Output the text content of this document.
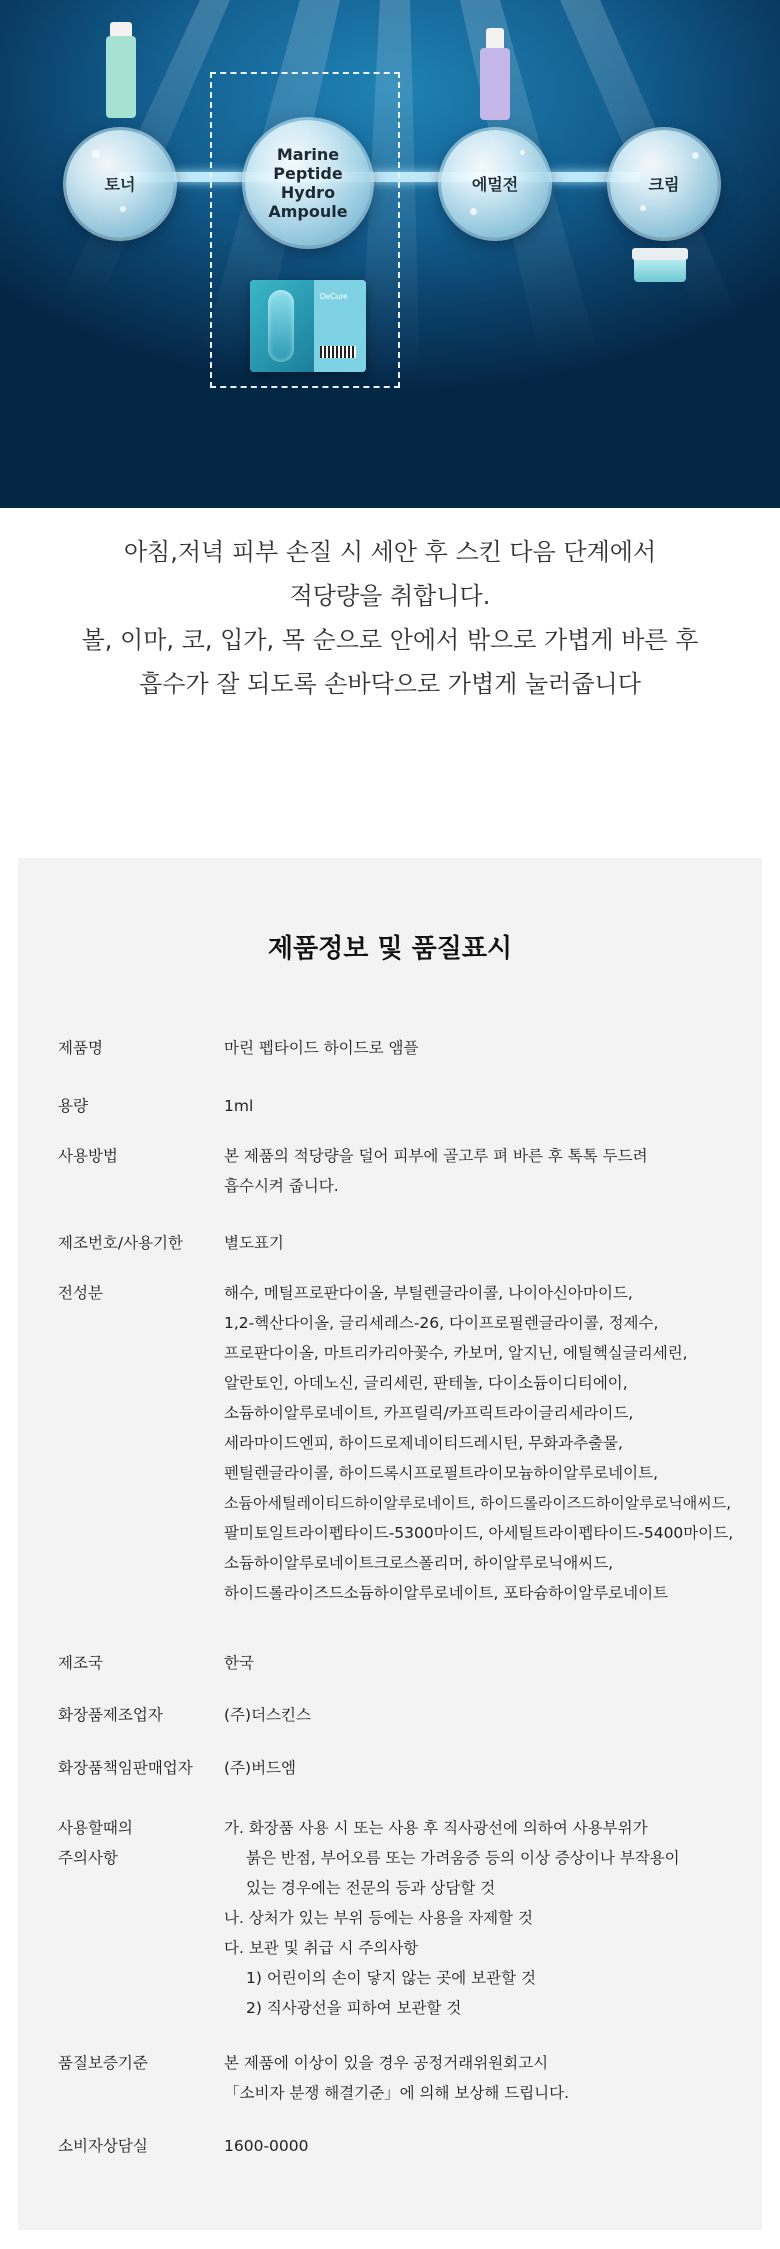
토너
Marine
Peptide
Hydro
Ampoule
에멀전	크림
DeCure

아침,저녁 피부 손질 시 세안 후 스킨 다음 단계에서

적당량을 취합니다.

볼, 이마, 코, 입가, 목 순으로 안에서 밖으로 가볍게 바른 후

흡수가 잘 되도록 손바닥으로 가볍게 눌러줍니다

제품정보 및 품질표시
제품명	마린 펩타이드 하이드로 앰플
용량	1ml
사용방법	본 제품의 적당량을 덜어 피부에 골고루 펴 바른 후 톡톡 두드려
흡수시켜 줍니다.
제조번호/사용기한	별도표기
전성분	해수, 메틸프로판다이올, 부틸렌글라이콜, 나이아신아마이드,
1,2-헥산다이올, 글리세레스-26, 다이프로필렌글라이콜, 정제수,
프로판다이올, 마트리카리아꽃수, 카보머, 알지닌, 에틸헥실글리세린,
알란토인, 아데노신, 글리세린, 판테놀, 다이소듐이디티에이,
소듐하이알루로네이트, 카프릴릭/카프릭트라이글리세라이드,
세라마이드엔피, 하이드로제네이티드레시틴, 무화과추출물,
펜틸렌글라이콜, 하이드록시프로필트라이모늄하이알루로네이트,
소듐아세틸레이티드하이알루로네이트, 하이드롤라이즈드하이알루로닉애씨드,
팔미토일트라이펩타이드-5300마이드, 아세틸트라이펩타이드-5400마이드,
소듐하이알루로네이트크로스폴리머, 하이알루로닉애씨드,
하이드롤라이즈드소듐하이알루로네이트, 포타슘하이알루로네이트
제조국	한국
화장품제조업자	(주)더스킨스
화장품책임판매업자	(주)버드엠
사용할때의
주의사항
가. 화장품 사용 시 또는 사용 후 직사광선에 의하여 사용부위가
붉은 반점, 부어오름 또는 가려움증 등의 이상 증상이나 부작용이
있는 경우에는 전문의 등과 상담할 것
나. 상처가 있는 부위 등에는 사용을 자제할 것
다. 보관 및 취급 시 주의사항
1) 어린이의 손이 닿지 않는 곳에 보관할 것
2) 직사광선을 피하여 보관할 것
품질보증기준	본 제품에 이상이 있을 경우 공정거래위원회고시
「소비자 분쟁 해결기준」에 의해 보상해 드립니다.
소비자상담실	1600-0000
